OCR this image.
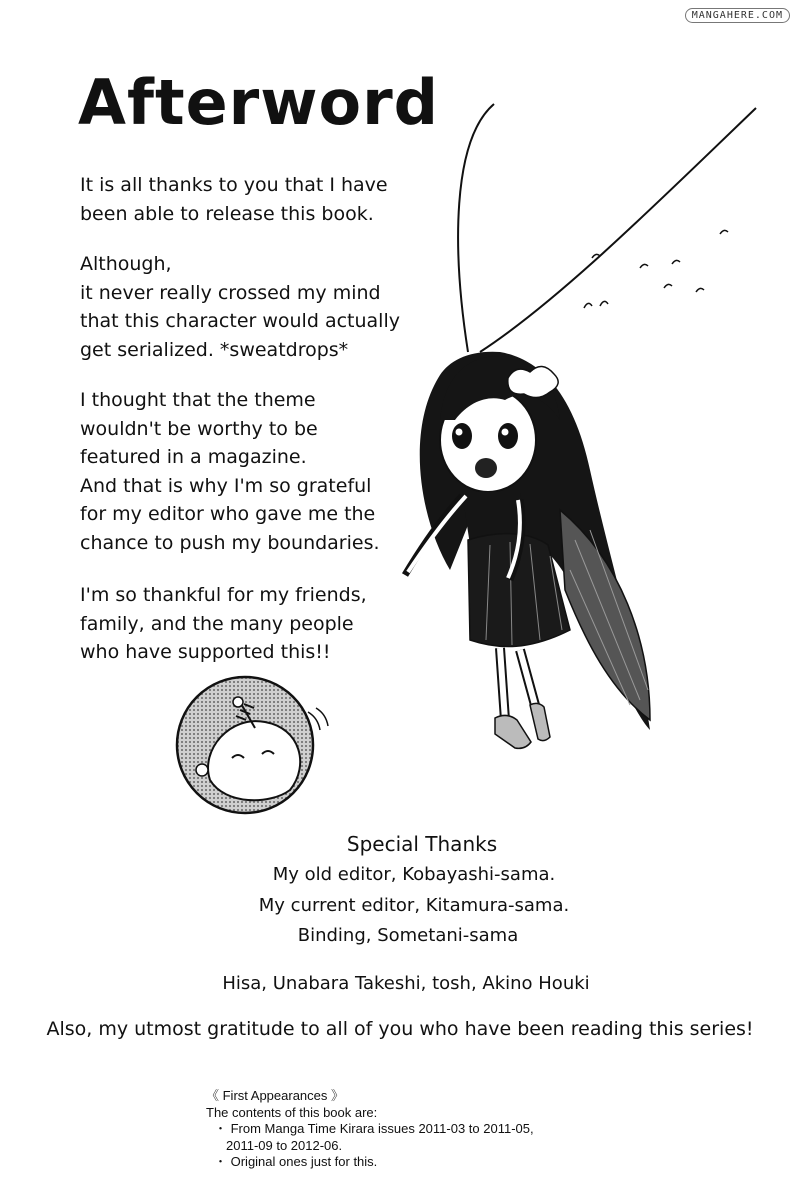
MANGAHERE.COM
Afterword
It is all thanks to you that I have
been able to release this book.
Although,
it never really crossed my mind
that this character would actually
get serialized. *sweatdrops*
I thought that the theme
wouldn't be worthy to be
featured in a magazine.
And that is why I'm so grateful
for my editor who gave me the
chance to push my boundaries.
I'm so thankful for my friends,
family, and the many people
who have supported this!!
Special Thanks
My old editor, Kobayashi-sama.
My current editor, Kitamura-sama.
Binding, Sometani-sama
Hisa, Unabara Takeshi, tosh, Akino Houki
Also, my utmost gratitude to all of you who have been reading this series!
《 First Appearances 》
The contents of this book are:
・ From Manga Time Kirara issues 2011-03 to 2011-05,
2011-09 to 2012-06.
・ Original ones just for this.
